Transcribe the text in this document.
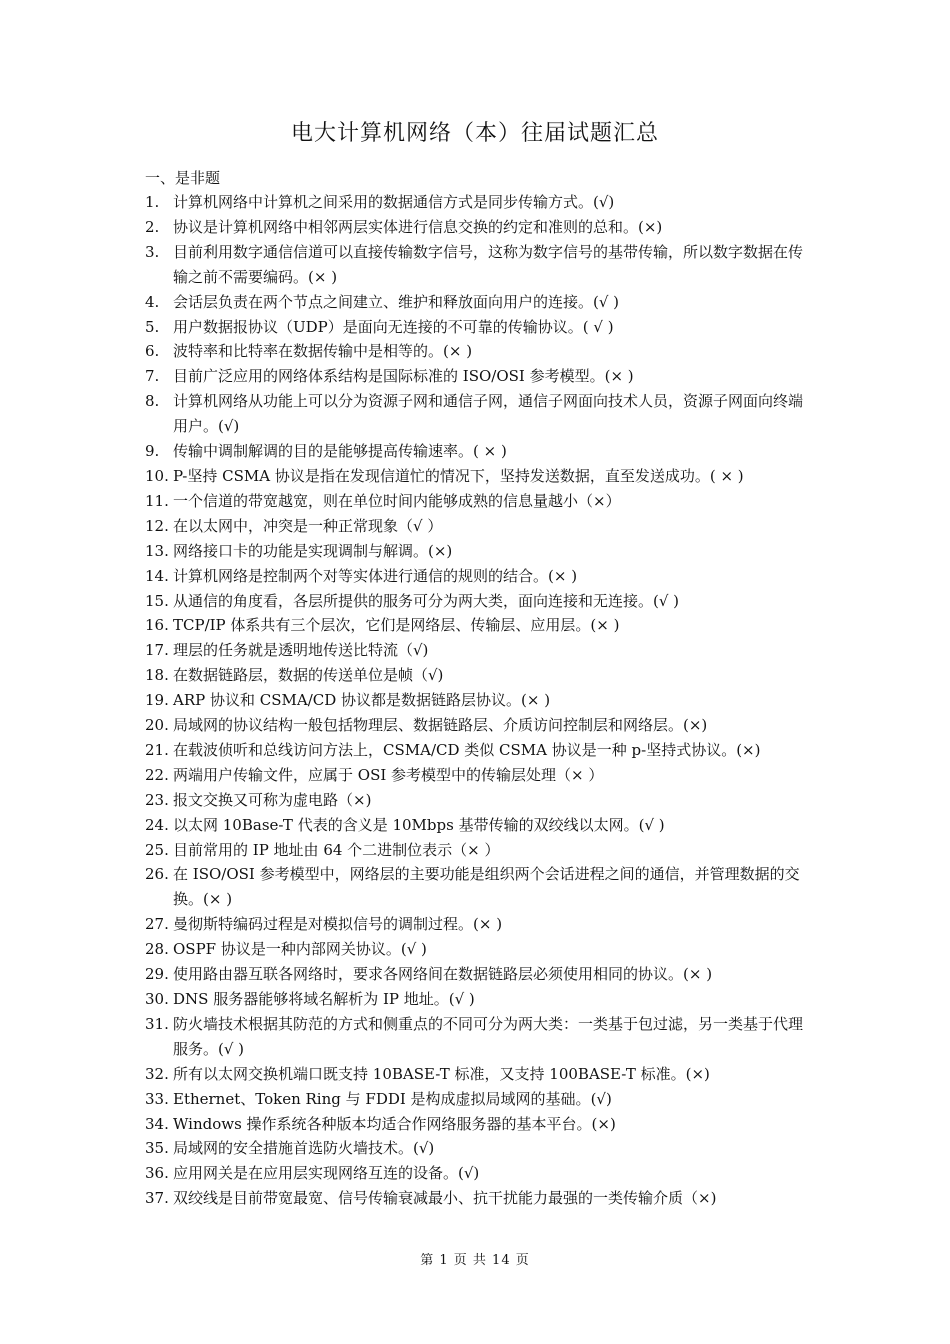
电大计算机网络（本）往届试题汇总
一、是非题
1. 计算机网络中计算机之间采用的数据通信方式是同步传输方式。(√)
2. 协议是计算机网络中相邻两层实体进行信息交换的约定和准则的总和。(×)
3. 目前利用数字通信信道可以直接传输数字信号，这称为数字信号的基带传输，所以数字数据在传输之前不需要编码。(× )
4. 会话层负责在两个节点之间建立、维护和释放面向用户的连接。(√ )
5. 用户数据报协议（UDP）是面向无连接的不可靠的传输协议。( √ )
6. 波特率和比特率在数据传输中是相等的。(× )
7. 目前广泛应用的网络体系结构是国际标准的 ISO/OSI 参考模型。(× )
8. 计算机网络从功能上可以分为资源子网和通信子网，通信子网面向技术人员，资源子网面向终端用户。(√)
9. 传输中调制解调的目的是能够提高传输速率。( × )
10. P-坚持 CSMA 协议是指在发现信道忙的情况下，坚持发送数据，直至发送成功。( × )
11. 一个信道的带宽越宽，则在单位时间内能够成熟的信息量越小（×）
12. 在以太网中，冲突是一种正常现象（√ ）
13. 网络接口卡的功能是实现调制与解调。(×)
14. 计算机网络是控制两个对等实体进行通信的规则的结合。(× )
15. 从通信的角度看，各层所提供的服务可分为两大类，面向连接和无连接。(√ )
16. TCP/IP 体系共有三个层次，它们是网络层、传输层、应用层。(× )
17. 理层的任务就是透明地传送比特流（√)
18. 在数据链路层，数据的传送单位是帧（√)
19. ARP 协议和 CSMA/CD 协议都是数据链路层协议。(× )
20. 局域网的协议结构一般包括物理层、数据链路层、介质访问控制层和网络层。(×)
21. 在载波侦听和总线访问方法上，CSMA/CD 类似 CSMA 协议是一种 p-坚持式协议。(×)
22. 两端用户传输文件，应属于 OSI 参考模型中的传输层处理（× ）
23. 报文交换又可称为虚电路（×)
24. 以太网 10Base-T 代表的含义是 10Mbps 基带传输的双绞线以太网。(√ )
25. 目前常用的 IP 地址由 64 个二进制位表示（× ）
26. 在 ISO/OSI 参考模型中，网络层的主要功能是组织两个会话进程之间的通信，并管理数据的交换。(× )
27. 曼彻斯特编码过程是对模拟信号的调制过程。(× )
28. OSPF 协议是一种内部网关协议。(√ )
29. 使用路由器互联各网络时，要求各网络间在数据链路层必须使用相同的协议。(× )
30. DNS 服务器能够将域名解析为 IP 地址。(√ )
31. 防火墙技术根据其防范的方式和侧重点的不同可分为两大类：一类基于包过滤，另一类基于代理服务。(√ )
32. 所有以太网交换机端口既支持 10BASE-T 标准，又支持 100BASE-T 标准。(×)
33. Ethernet、Token Ring 与 FDDI 是构成虚拟局域网的基础。(√)
34. Windows 操作系统各种版本均适合作网络服务器的基本平台。(×)
35. 局域网的安全措施首选防火墙技术。(√)
36. 应用网关是在应用层实现网络互连的设备。(√)
37. 双绞线是目前带宽最宽、信号传输衰减最小、抗干扰能力最强的一类传输介质（×)
第 1 页 共 14 页
